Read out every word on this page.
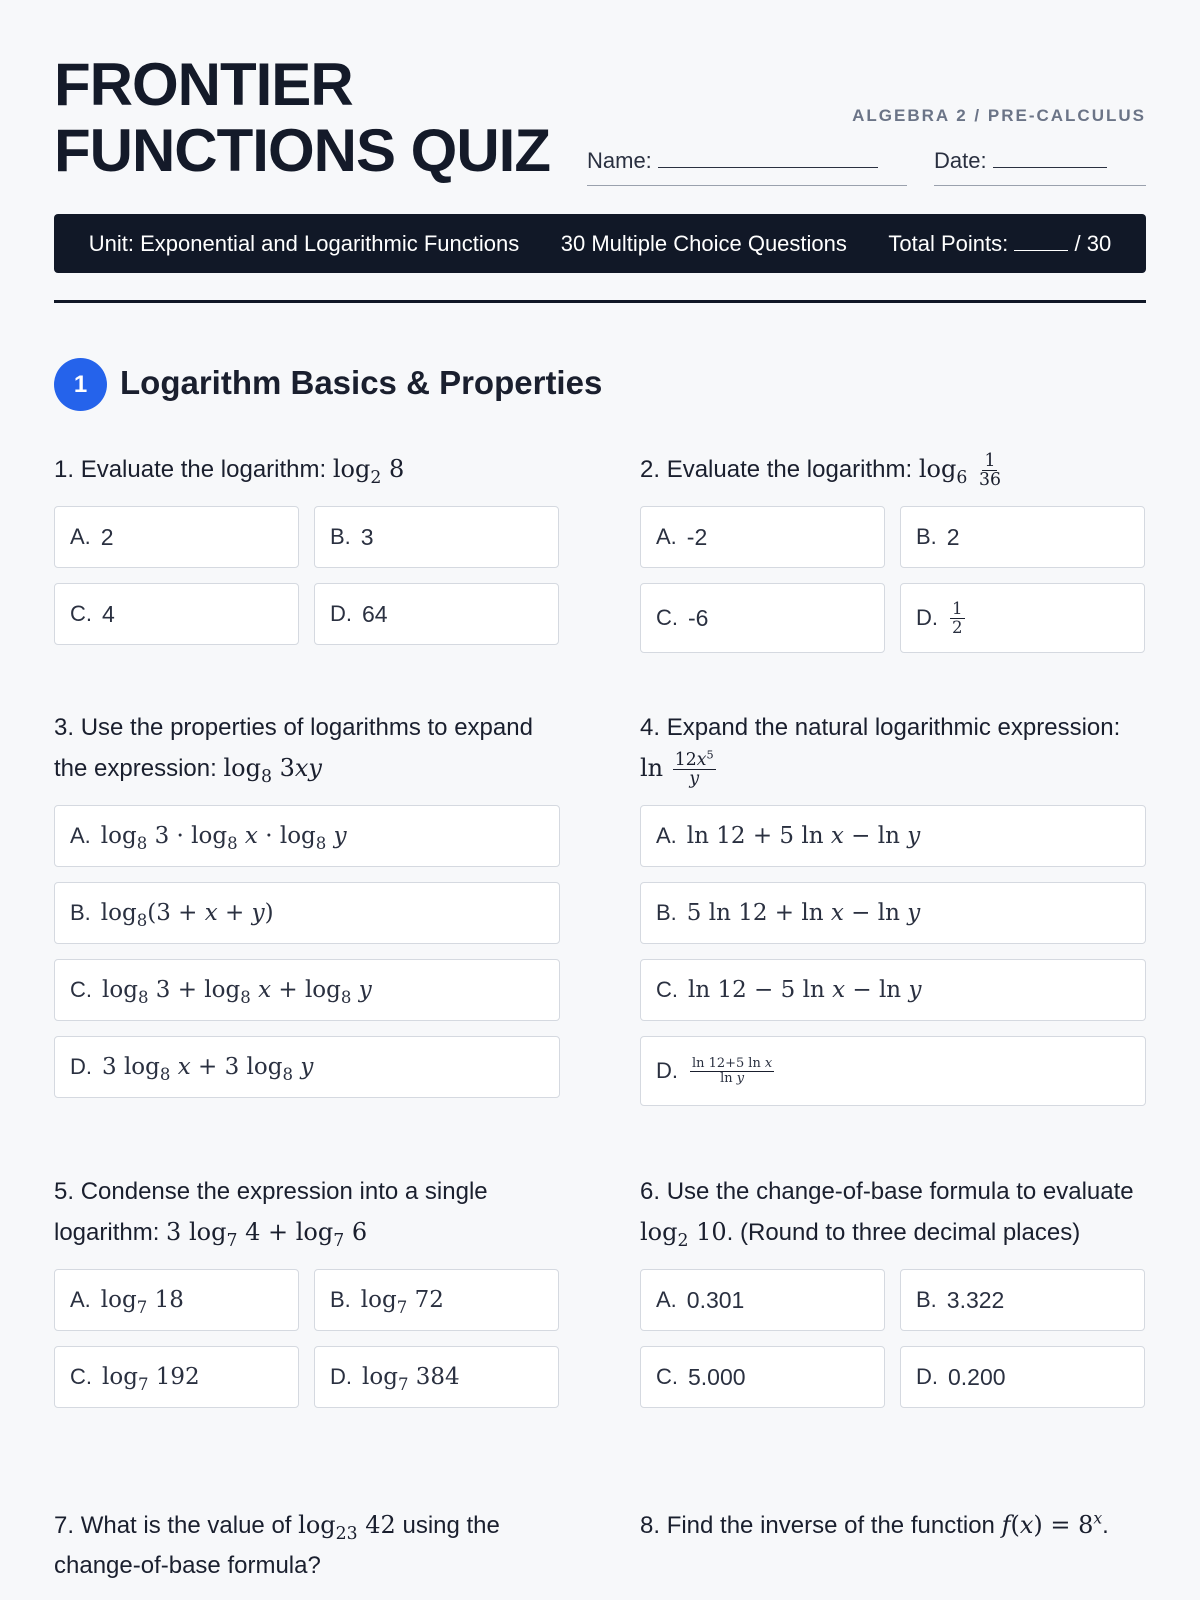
FRONTIER
FUNCTIONS QUIZ
ALGEBRA 2 / PRE-CALCULUS
Name:	Date:
Unit: Exponential and Logarithmic Functions 30 Multiple Choice Questions Total Points:	/ 30
1 Logarithm Basics & Properties
1. Evaluate the logarithm: $\log_2 8$
A. 2	B. 3
C. 4	D. 64
2. Evaluate the logarithm: $\log_6 \frac{1}{36}$
A. -2	B. 2
C. -6	D. $\frac{1}{2}$
3. Use the properties of logarithms to expand the expression: $\log_8 3xy$
A. $\log_8 3 \cdot \log_8 x \cdot \log_8 y$
B. $\log_8(3 + x + y)$
C. $\log_8 3 + \log_8 x + \log_8 y$
D. 3 $\log_8 x + 3$ $\log_8 y$
4. Expand the natural logarithmic expression: $\ln \frac{12x^5}{y}$
A. ln 12 + 5 ln x − ln y
B. 5 ln 12 + ln x − ln y
C. ln 12 − 5 ln x − ln y
D. $\frac{\text{ln 12+5 ln x}}{\text{ln y}}$
5. Condense the expression into a single logarithm: 3 $\log_7 4 + \log_7 6$
A. $\log_7 18$	B. $\log_7 72$
C. $\log_7 192$	D. $\log_7 384$
6. Use the change-of-base formula to evaluate $\log_2 10$. (Round to three decimal places)
A. 0.301	B. 3.322
C. 5.000	D. 0.200
7. What is the value of $\log_{23} 42$ using the change-of-base formula?
8. Find the inverse of the function $f(x) = 8^x$.
